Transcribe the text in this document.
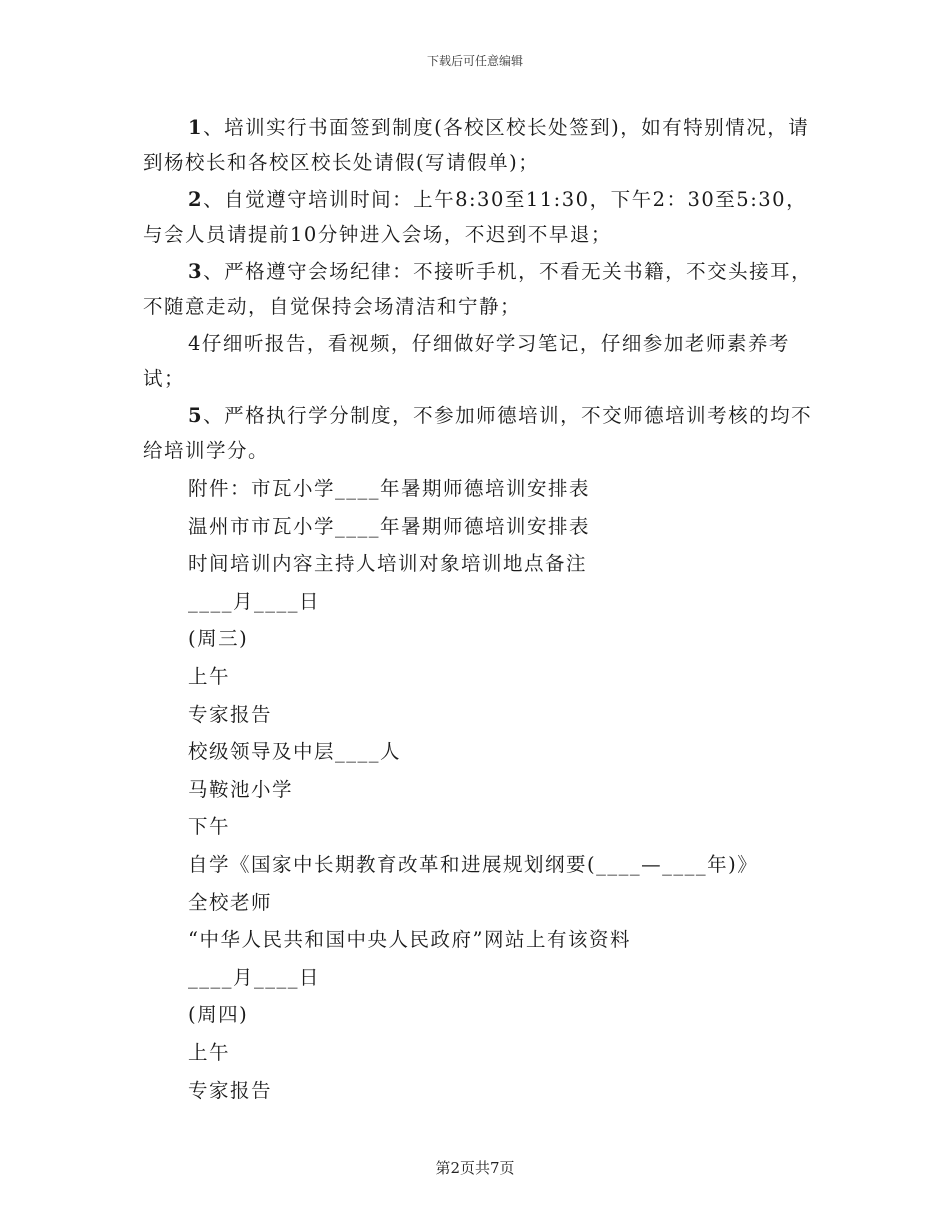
下载后可任意编辑

1、培训实行书面签到制度(各校区校长处签到)，如有特别情况，请到杨校长和各校区校长处请假(写请假单)；

2、自觉遵守培训时间：上午8:30至11:30，下午2：30至5:30，与会人员请提前10分钟进入会场，不迟到不早退；

3、严格遵守会场纪律：不接听手机，不看无关书籍，不交头接耳，不随意走动，自觉保持会场清洁和宁静；

4仔细听报告，看视频，仔细做好学习笔记，仔细参加老师素养考试；

5、严格执行学分制度，不参加师德培训，不交师德培训考核的均不给培训学分。

附件：市瓦小学____年暑期师德培训安排表

温州市市瓦小学____年暑期师德培训安排表

时间培训内容主持人培训对象培训地点备注

____月____日

(周三)

上午

专家报告

校级领导及中层____人

马鞍池小学

下午

自学《国家中长期教育改革和进展规划纲要(____—____年)》

全校老师

“中华人民共和国中央人民政府”网站上有该资料

____月____日

(周四)

上午

专家报告

第2页共7页
